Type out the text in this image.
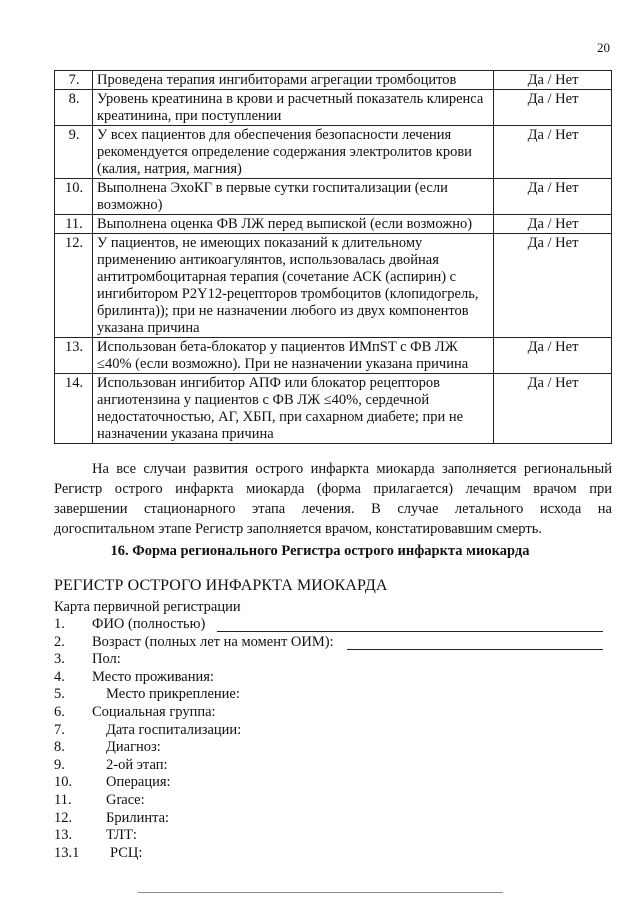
20
7.	Проведена терапия ингибиторами агрегации тромбоцитов	Да / Нет
8.	Уровень креатинина в крови и расчетный показатель клиренса креатинина, при поступлении	Да / Нет
9.	У всех пациентов для обеспечения безопасности лечения рекомендуется определение содержания электролитов крови (калия, натрия, магния)	Да / Нет
10.	Выполнена ЭхоКГ в первые сутки госпитализации (если возможно)	Да / Нет
11.	Выполнена оценка ФВ ЛЖ перед выпиской (если возможно)	Да / Нет
12.	У пациентов, не имеющих показаний к длительному применению антикоагулянтов, использовалась двойная антитромбоцитарная терапия (сочетание АСК (аспирин) с ингибитором P2Y12-рецепторов тромбоцитов (клопидогрель, брилинта)); при не назначении любого из двух компонентов указана причина	Да / Нет
13.	Использован бета-блокатор у пациентов ИМпST с ФВ ЛЖ ≤40% (если возможно). При не назначении указана причина	Да / Нет
14.	Использован ингибитор АПФ или блокатор рецепторов ангиотензина у пациентов с ФВ ЛЖ ≤40%, сердечной недостаточностью, АГ, ХБП, при сахарном диабете; при не назначении указана причина	Да / Нет

На все случаи развития острого инфаркта миокарда заполняется региональный Регистр острого инфаркта миокарда (форма прилагается) лечащим врачом при завершении стационарного этапа лечения. В случае летального исхода на догоспитальном этапе Регистр заполняется врачом, констатировавшим смерть.

16. Форма регионального Регистра острого инфаркта миокарда
РЕГИСТР ОСТРОГО ИНФАРКТА МИОКАРДА
Карта первичной регистрации
1. ФИО (полностью)
2. Возраст (полных лет на момент ОИМ):
3. Пол:
4. Место проживания:
5.	Место прикрепление:
6. Социальная группа:
7.	Дата госпитализации:
8.	Диагноз:
9.	2-ой этап:
10. Операция:
11. Grace:
12. Брилинта:
13. ТЛТ:
13.1 РСЦ:
